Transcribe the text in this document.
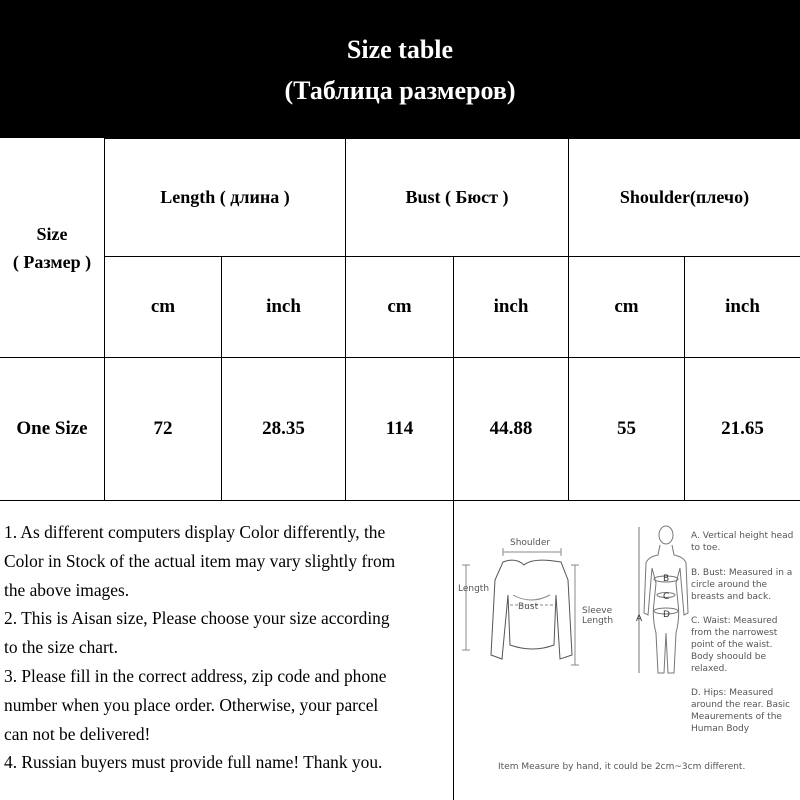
Size table
(Таблица размеров)
Size
( Размер )
Length ( длина )	Bust ( Бюст )	Shoulder(плечо)
cm	inch	cm	inch	cm	inch
One Size	72	28.35	114	44.88	55	21.65
1. As different computers display Color differently, the
Color in Stock of the actual item may vary slightly from
the above images.
2. This is Aisan size, Please choose your size according
to the size chart.
3. Please fill in the correct address, zip code and phone
number when you place order. Otherwise, your parcel
can not be delivered!
4. Russian buyers must provide full name! Thank you.
Shoulder
Length
Bust	Sleeve
Length	A
B
C
D
A. Vertical height head to toe.
B. Bust: Measured in a circle around the breasts and back.
C. Waist: Measured from the narrowest point of the waist. Body shoould be relaxed.
D. Hips: Measured around the rear. Basic Meaurements of the Human Body
Item Measure by hand, it could be 2cm~3cm different.
